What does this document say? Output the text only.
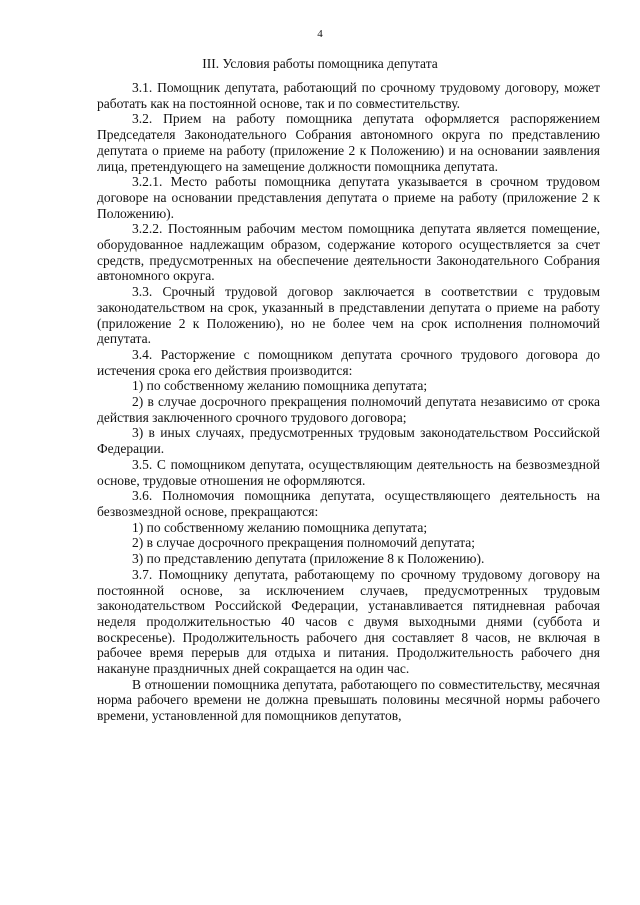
4
III. Условия работы помощника депутата

3.1. Помощник депутата, работающий по срочному трудовому договору, может работать как на постоянной основе, так и по совместительству.

3.2. Прием на работу помощника депутата оформляется распоряжением Председателя Законодательного Собрания автономного округа по представлению депутата о приеме на работу (приложение 2 к Положению) и на основании заявления лица, претендующего на замещение должности помощника депутата.

3.2.1. Место работы помощника депутата указывается в срочном трудовом договоре на основании представления депутата о приеме на работу (приложение 2 к Положению).

3.2.2. Постоянным рабочим местом помощника депутата является помещение, оборудованное надлежащим образом, содержание которого осуществляется за счет средств, предусмотренных на обеспечение деятельности Законодательного Собрания автономного округа.

3.3. Срочный трудовой договор заключается в соответствии с трудовым законодательством на срок, указанный в представлении депутата о приеме на работу (приложение 2 к Положению), но не более чем на срок исполнения полномочий депутата.

3.4. Расторжение с помощником депутата срочного трудового договора до истечения срока его действия производится:

1) по собственному желанию помощника депутата;

2) в случае досрочного прекращения полномочий депутата независимо от срока действия заключенного срочного трудового договора;

3) в иных случаях, предусмотренных трудовым законодательством Российской Федерации.

3.5. С помощником депутата, осуществляющим деятельность на безвозмездной основе, трудовые отношения не оформляются.

3.6. Полномочия помощника депутата, осуществляющего деятельность на безвозмездной основе, прекращаются:

1) по собственному желанию помощника депутата;

2) в случае досрочного прекращения полномочий депутата;

3) по представлению депутата (приложение 8 к Положению).

3.7. Помощнику депутата, работающему по срочному трудовому договору на постоянной основе, за исключением случаев, предусмотренных трудовым законодательством Российской Федерации, устанавливается пятидневная рабочая неделя продолжительностью 40 часов с двумя выходными днями (суббота и воскресенье). Продолжительность рабочего дня составляет 8 часов, не включая в рабочее время перерыв для отдыха и питания. Продолжительность рабочего дня накануне праздничных дней сокращается на один час.

В отношении помощника депутата, работающего по совместительству, месячная норма рабочего времени не должна превышать половины месячной нормы рабочего времени, установленной для помощников депутатов,
